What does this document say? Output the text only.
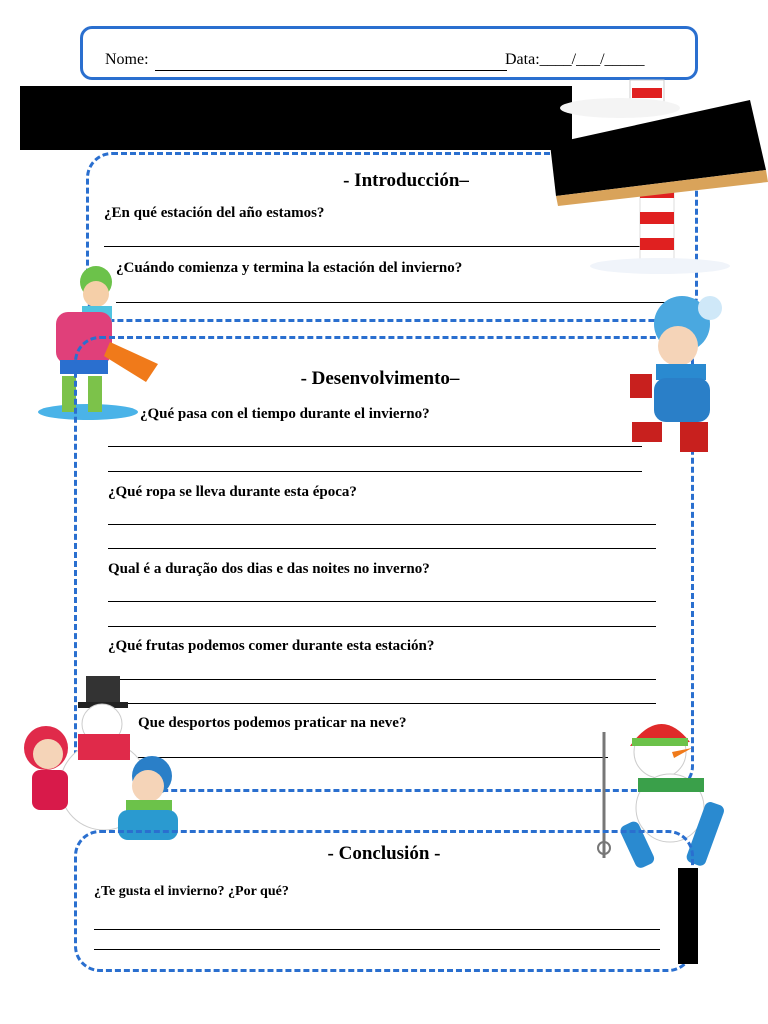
Nome:	Data:____/___/_____
- Introducción–
¿En qué estación del año estamos?
¿Cuándo comienza y termina la estación del invierno?
- Desenvolvimento–
¿Qué pasa con el tiempo durante el invierno?
¿Qué ropa se lleva durante esta época?
Qual é a duração dos dias e das noites no inverno?
¿Qué frutas podemos comer durante esta estación?
Que desportos podemos praticar na neve?
- Conclusión -
¿Te gusta el invierno? ¿Por qué?
